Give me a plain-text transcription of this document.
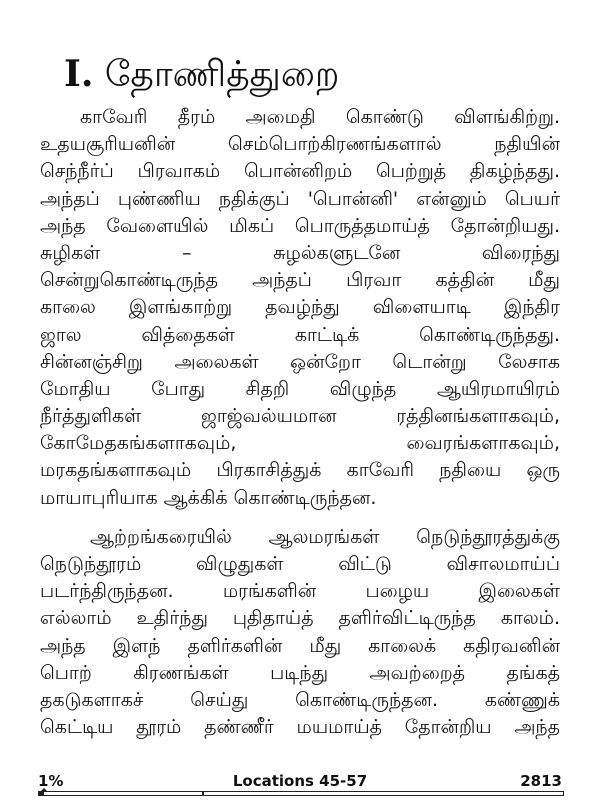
I. தோணித்துறை

காவேரி தீரம் அமைதி கொண்டு விளங்கிற்று.
உதயசூரியனின் செம்பொற்கிரணங்களால் நதியின்
செந்நீர்ப் பிரவாகம் பொன்னிறம் பெற்றுத் திகழ்ந்தது.
அந்தப் புண்ணிய நதிக்குப் 'பொன்னி' என்னும் பெயர்
அந்த வேளையில் மிகப் பொருத்தமாய்த் தோன்றியது.
சுழிகள் – சுழல்களுடனே விரைந்து
சென்றுகொண்டிருந்த அந்தப் பிரவா கத்தின் மீது
காலை இளங்காற்று தவழ்ந்து விளையாடி இந்திர
ஜால வித்தைகள் காட்டிக் கொண்டிருந்தது.
சின்னஞ்சிறு அலைகள் ஒன்றோ டொன்று லேசாக
மோதிய போது சிதறி விழுந்த ஆயிரமாயிரம்
நீர்த்துளிகள் ஜாஜ்வல்யமான ரத்தினங்களாகவும்,
கோமேதகங்களாகவும், வைரங்களாகவும்,
மரகதங்களாகவும் பிரகாசித்துக் காவேரி நதியை ஒரு
மாயாபுரியாக ஆக்கிக் கொண்டிருந்தன.

ஆற்றங்கரையில் ஆலமரங்கள் நெடுந்தூரத்துக்கு
நெடுந்தூரம் விழுதுகள் விட்டு விசாலமாய்ப்
படர்ந்திருந்தன. மரங்களின் பழைய இலைகள்
எல்லாம் உதிர்ந்து புதிதாய்த் தளிர்விட்டிருந்த காலம்.
அந்த இளந் தளிர்களின் மீது காலைக் கதிரவனின்
பொற் கிரணங்கள் படிந்து அவற்றைத் தங்கத்
தகடுகளாகச் செய்து கொண்டிருந்தன. கண்ணுக்
கெட்டிய தூரம் தண்ணீர் மயமாய்த் தோன்றிய அந்த

1%	Locations 45-57	2813
